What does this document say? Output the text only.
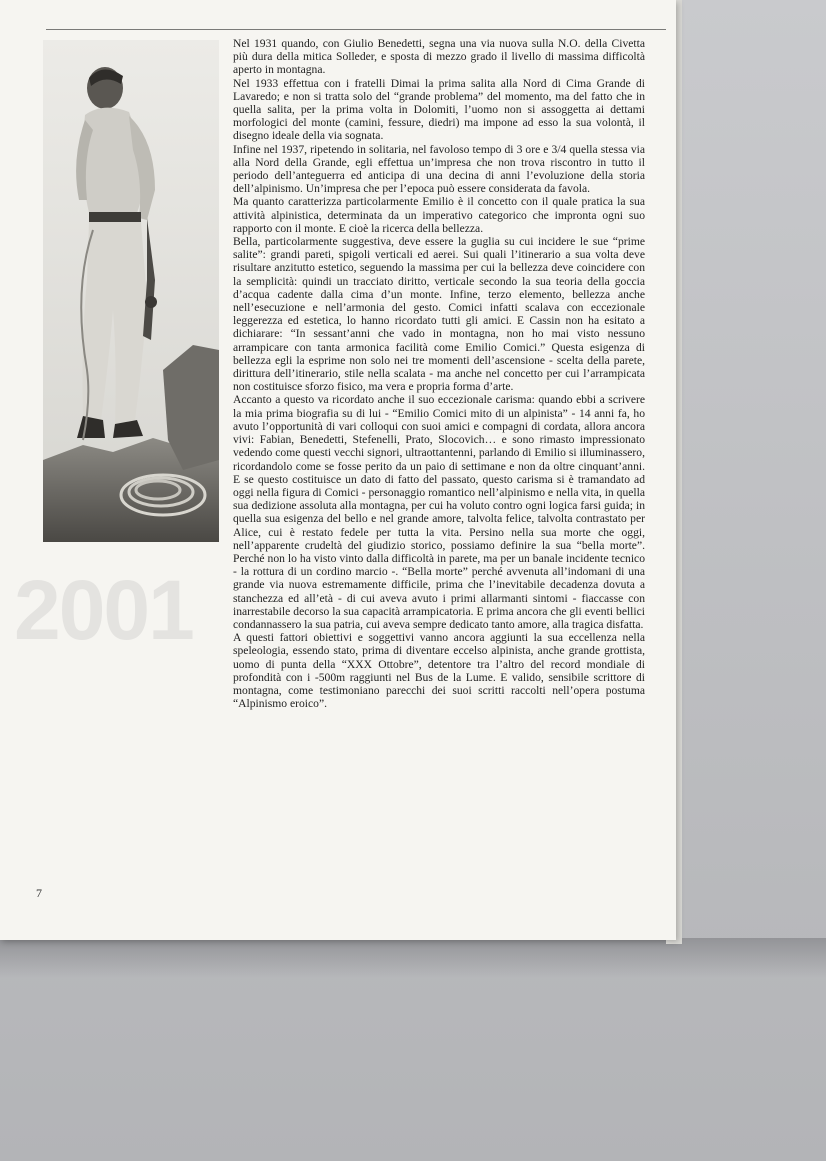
2001

Nel 1931 quando, con Giulio Benedetti, segna una via nuova sulla N.O. della Civetta più dura della mitica Solleder, e sposta di mezzo grado il livello di massima difficoltà aperto in montagna.

Nel 1933 effettua con i fratelli Dimai la prima salita alla Nord di Cima Grande di Lavaredo; e non si tratta solo del “grande problema” del momento, ma del fatto che in quella salita, per la prima volta in Dolomiti, l’uomo non si assoggetta ai dettami morfologici del monte (camini, fessure, diedri) ma impone ad esso la sua volontà, il disegno ideale della via sognata.

Infine nel 1937, ripetendo in solitaria, nel favoloso tempo di 3 ore e 3/4 quella stessa via alla Nord della Grande, egli effettua un’impresa che non trova riscontro in tutto il periodo dell’anteguerra ed anticipa di una decina di anni l’evoluzione della storia dell’alpinismo. Un’impresa che per l’epoca può essere considerata da favola.

Ma quanto caratterizza particolarmente Emilio è il concetto con il quale pratica la sua attività alpinistica, determinata da un imperativo categorico che impronta ogni suo rapporto con il monte. E cioè la ricerca della bellezza.

Bella, particolarmente suggestiva, deve essere la guglia su cui incidere le sue “prime salite”: grandi pareti, spigoli verticali ed aerei. Sui quali l’itinerario a sua volta deve risultare anzitutto estetico, seguendo la massima per cui la bellezza deve coincidere con la semplicità: quindi un tracciato diritto, verticale secondo la sua teoria della goccia d’acqua cadente dalla cima d’un monte. Infine, terzo elemento, bellezza anche nell’esecuzione e nell’armonia del gesto. Comici infatti scalava con eccezionale leggerezza ed estetica, lo hanno ricordato tutti gli amici. E Cassin non ha esitato a dichiarare: “In sessant’anni che vado in montagna, non ho mai visto nessuno arrampicare con tanta armonica facilità come Emilio Comici.” Questa esigenza di bellezza egli la esprime non solo nei tre momenti dell’ascensione - scelta della parete, dirittura dell’itinerario, stile nella scalata - ma anche nel concetto per cui l’arrampicata non costituisce sforzo fisico, ma vera e propria forma d’arte.

Accanto a questo va ricordato anche il suo eccezionale carisma: quando ebbi a scrivere la mia prima biografia su di lui - “Emilio Comici mito di un alpinista” - 14 anni fa, ho avuto l’opportunità di vari colloqui con suoi amici e compagni di cordata, allora ancora vivi: Fabian, Benedetti, Stefenelli, Prato, Slocovich… e sono rimasto impressionato vedendo come questi vecchi signori, ultraottantenni, parlando di Emilio si illuminassero, ricordandolo come se fosse perito da un paio di settimane e non da oltre cinquant’anni. E se questo costituisce un dato di fatto del passato, questo carisma si è tramandato ad oggi nella figura di Comici - personaggio romantico nell’alpinismo e nella vita, in quella sua dedizione assoluta alla montagna, per cui ha voluto contro ogni logica farsi guida; in quella sua esigenza del bello e nel grande amore, talvolta felice, talvolta contrastato per Alice, cui è restato fedele per tutta la vita. Persino nella sua morte che oggi, nell’apparente crudeltà del giudizio storico, possiamo definire la sua “bella morte”. Perché non lo ha visto vinto dalla difficoltà in parete, ma per un banale incidente tecnico - la rottura di un cordino marcio -. “Bella morte” perché avvenuta all’indomani di una grande via nuova estremamente difficile, prima che l’inevitabile decadenza dovuta a stanchezza ed all’età - di cui aveva avuto i primi allarmanti sintomi - fiaccasse con inarrestabile decorso la sua capacità arrampicatoria. E prima ancora che gli eventi bellici condannassero la sua patria, cui aveva sempre dedicato tanto amore, alla tragica disfatta.

A questi fattori obiettivi e soggettivi vanno ancora aggiunti la sua eccellenza nella speleologia, essendo stato, prima di diventare eccelso alpinista, anche grande grottista, uomo di punta della “XXX Ottobre”, detentore tra l’altro del record mondiale di profondità con i -500m raggiunti nel Bus de la Lume. E valido, sensibile scrittore di montagna, come testimoniano parecchi dei suoi scritti raccolti nell’opera postuma “Alpinismo eroico”.

7
